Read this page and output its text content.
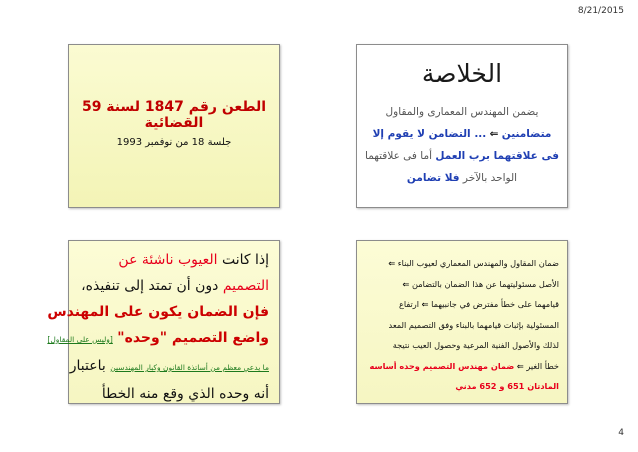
8/21/2015
الطعن رقم 1847 لسنة 59 القضائية
جلسة 18 من نوفمبر 1993
الخلاصة
يضمن المهندس المعمارى والمقاول
متضامنين ⇐ ... التضامن لا يقوم إلا
فى علاقتهما برب العمل أما فى علاقتهما
الواحد بالآخر فلا تضامن
إذا كانت العيوب ناشئة عن
التصميم دون أن تمتد إلى تنفيذه،
فإن الضمان يكون على المهندس
واضع التصميم "وحده" [وليس على المقاول]
ما يدعي معظم من أساتذة القانون وكبار المهندسين باعتبار
أنه وحده الذي وقع منه الخطأ
ضمان المقاول والمهندس المعماري لعيوب البناء ⇐
الأصل مسئوليتهما عن هذا الضمان بالتضامن ⇐
قيامهما على خطأ مفترض في جانبيهما ⇐ ارتفاع
المسئولية بإثبات قيامهما بالبناء وفق التصميم المعد
لذلك والأصول الفنية المرعية وحصول العيب نتيجة
خطأ الغير ⇐ ضمان مهندس التصميم وحده أساسه
المادتان 651 و 652 مدني
4
